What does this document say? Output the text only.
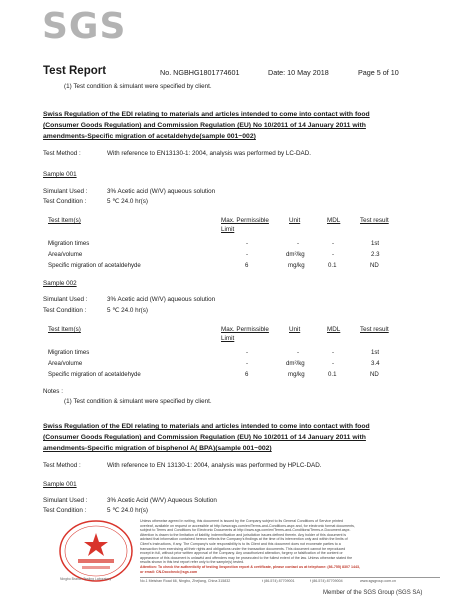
SGS
Test Report	No. NGBHG1801774601	Date: 10 May 2018	Page 5 of 10
(1) Test condition & simulant were specified by client.
Swiss Regulation of the EDI relating to materials and articles intended to come into contact with food
(Consumer Goods Regulation) and Commission Regulation (EU) No 10/2011 of 14 January 2011 with
amendments-Specific migration of acetaldehyde(sample 001~002)
Test Method :	With reference to EN13130-1: 2004, analysis was performed by LC-DAD.
Sample 001
Simulant Used :	3% Acetic acid (W/V) aqueous solution
Test Condition :	5 ℃ 24.0 hr(s)
Test Item(s)	Max. Permissible
Limit
Unit	MDL	Test result
Migration times	-	-	-	1st
Area/volume	-	dm²/kg	-	2.3
Specific migration of acetaldehyde	6	mg/kg	0.1	ND
Sample 002
Simulant Used :	3% Acetic acid (W/V) aqueous solution
Test Condition :	5 ℃ 24.0 hr(s)
Test Item(s)	Max. Permissible
Limit
Unit	MDL	Test result
Migration times	-	-	-	1st
Area/volume	-	dm²/kg	-	3.4
Specific migration of acetaldehyde	6	mg/kg	0.1	ND
Notes :
(1) Test condition & simulant were specified by client.
Swiss Regulation of the EDI relating to materials and articles intended to come into contact with food
(Consumer Goods Regulation) and Commission Regulation (EU) No 10/2011 of 14 January 2011 with
amendments-Specific migration of bisphenol A( BPA)(sample 001~002)
Test Method :	With reference to EN 13130-1: 2004, analysis was performed by HPLC-DAD.
Sample 001
Simulant Used :	3% Acetic Acid (W/V) Aqueous Solution
Test Condition :	5 ℃ 24.0 hr(s)
Unless otherwise agreed in writing, this document is issued by the Company subject to its General Conditions of Service printed
overleaf, available on request or accessible at http://www.sgs.com/en/Terms-and-Conditions.aspx and, for electronic format documents,
subject to Terms and Conditions for Electronic Documents at http://www.sgs.com/en/Terms-and-Conditions/Terms-e-Document.aspx.
Attention is drawn to the limitation of liability, indemnification and jurisdiction issues defined therein. Any holder of this document is
advised that information contained hereon reflects the Company's findings at the time of its intervention only and within the limits of
Client's instructions, if any. The Company's sole responsibility is to its Client and this document does not exonerate parties to a
transaction from exercising all their rights and obligations under the transaction documents. This document cannot be reproduced
except in full, without prior written approval of the Company. Any unauthorized alteration, forgery or falsification of the content or
appearance of this document is unlawful and offenders may be prosecuted to the fullest extent of the law. Unless otherwise stated the
results shown in this test report refer only to the sample(s) tested.
Attention: To check the authenticity of testing /inspection report & certificate, please contact us at telephone: (86-755) 8307 1443,
or email: CN.Doccheck@sgs.com
Ningbo Branch Testing Laboratory	No.1 Meishan Road 66, Ningbo, Zhejiang, China 315832	t (86-574) 87709001	f (86-574) 87709004	www.sgsgroup.com.cn
Member of the SGS Group (SGS SA)
